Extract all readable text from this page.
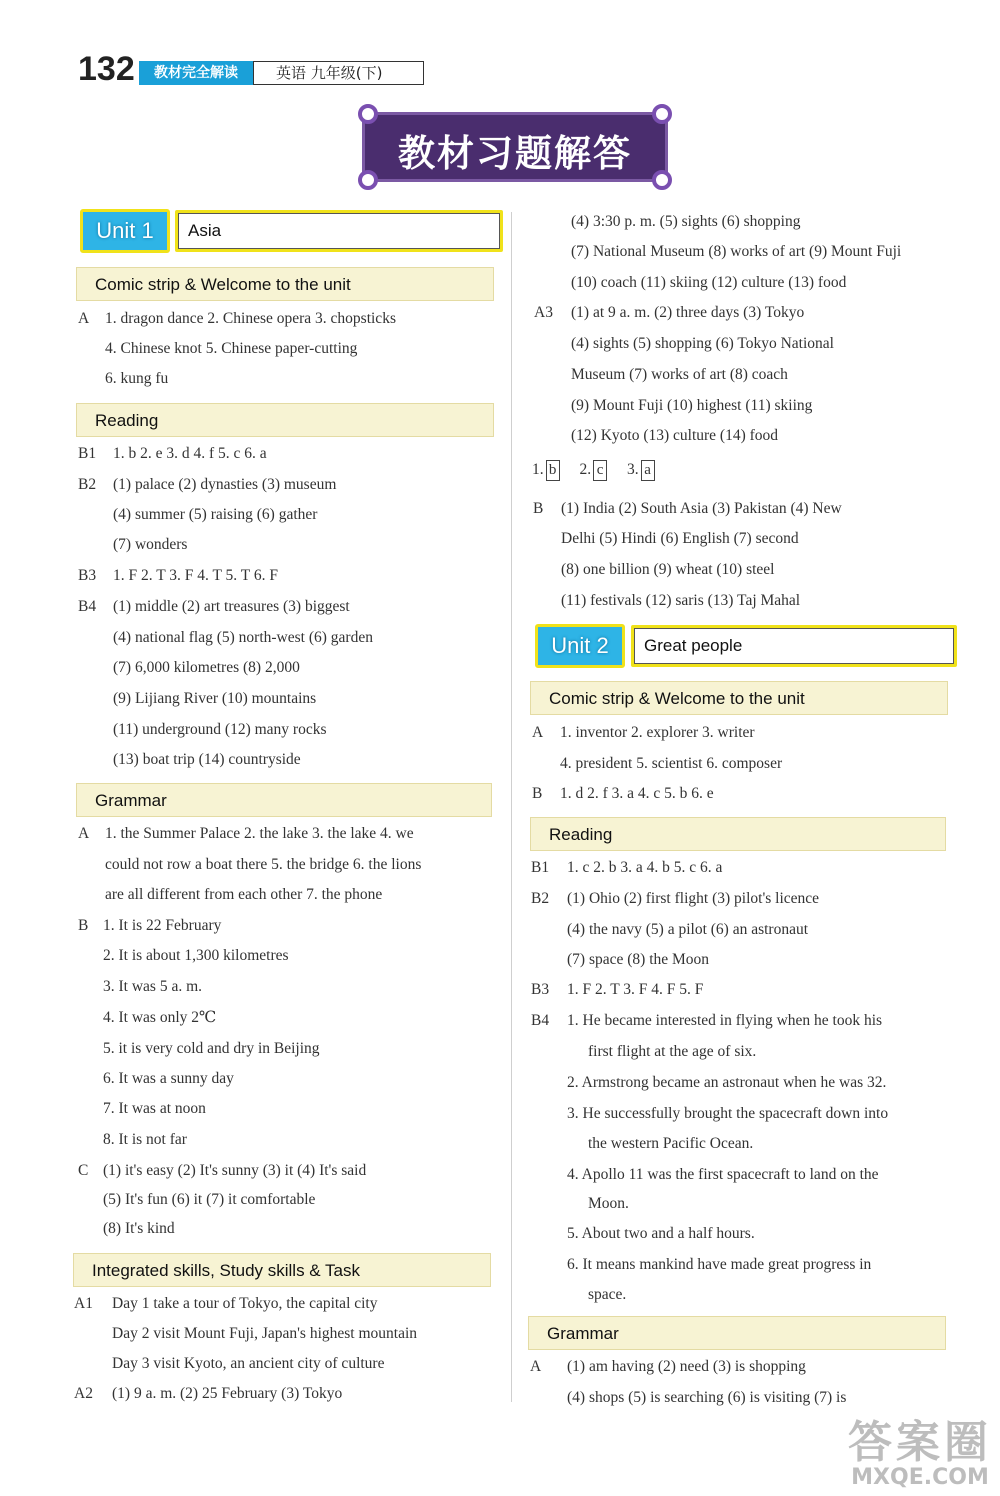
132	教材完全解读	英语 九年级(下)
教材习题解答
Unit 1	Asia
Comic strip & Welcome to the unit
A 1. dragon dance 2. Chinese opera 3. chopsticks
4. Chinese knot 5. Chinese paper-cutting
6. kung fu
Reading
B1 1. b 2. e 3. d 4. f 5. c 6. a
B2 (1) palace (2) dynasties (3) museum
(4) summer (5) raising (6) gather
(7) wonders
B3 1. F 2. T 3. F 4. T 5. T 6. F
B4 (1) middle (2) art treasures (3) biggest
(4) national flag (5) north-west (6) garden
(7) 6,000 kilometres (8) 2,000
(9) Lijiang River (10) mountains
(11) underground (12) many rocks
(13) boat trip (14) countryside
Grammar
A 1. the Summer Palace 2. the lake 3. the lake 4. we
could not row a boat there 5. the bridge 6. the lions
are all different from each other 7. the phone
B 1. It is 22 February
2. It is about 1,300 kilometres
3. It was 5 a. m.
4. It was only 2℃
5. it is very cold and dry in Beijing
6. It was a sunny day
7. It was at noon
8. It is not far
C (1) it's easy (2) It's sunny (3) it (4) It's said
(5) It's fun (6) it (7) it comfortable
(8) It's kind
Integrated skills, Study skills & Task
A1 Day 1 take a tour of Tokyo, the capital city
Day 2 visit Mount Fuji, Japan's highest mountain
Day 3 visit Kyoto, an ancient city of culture
A2 (1) 9 a. m. (2) 25 February (3) Tokyo
(4) 3:30 p. m. (5) sights (6) shopping
(7) National Museum (8) works of art (9) Mount Fuji
(10) coach (11) skiing (12) culture (13) food
A3 (1) at 9 a. m. (2) three days (3) Tokyo
(4) sights (5) shopping (6) Tokyo National
Museum (7) works of art (8) coach
(9) Mount Fuji (10) highest (11) skiing
(12) Kyoto (13) culture (14) food
1. b 2. c 3. a
B (1) India (2) South Asia (3) Pakistan (4) New
Delhi (5) Hindi (6) English (7) second
(8) one billion (9) wheat (10) steel
(11) festivals (12) saris (13) Taj Mahal
Unit 2	Great people
Comic strip & Welcome to the unit
A 1. inventor 2. explorer 3. writer
4. president 5. scientist 6. composer
B 1. d 2. f 3. a 4. c 5. b 6. e
Reading
B1 1. c 2. b 3. a 4. b 5. c 6. a
B2 (1) Ohio (2) first flight (3) pilot's licence
(4) the navy (5) a pilot (6) an astronaut
(7) space (8) the Moon
B3 1. F 2. T 3. F 4. F 5. F
B4 1. He became interested in flying when he took his
first flight at the age of six.
2. Armstrong became an astronaut when he was 32.
3. He successfully brought the spacecraft down into
the western Pacific Ocean.
4. Apollo 11 was the first spacecraft to land on the
Moon.
5. About two and a half hours.
6. It means mankind have made great progress in
space.
Grammar
A (1) am having (2) need (3) is shopping
(4) shops (5) is searching (6) is visiting (7) is
答案圈
MXQE.COM
